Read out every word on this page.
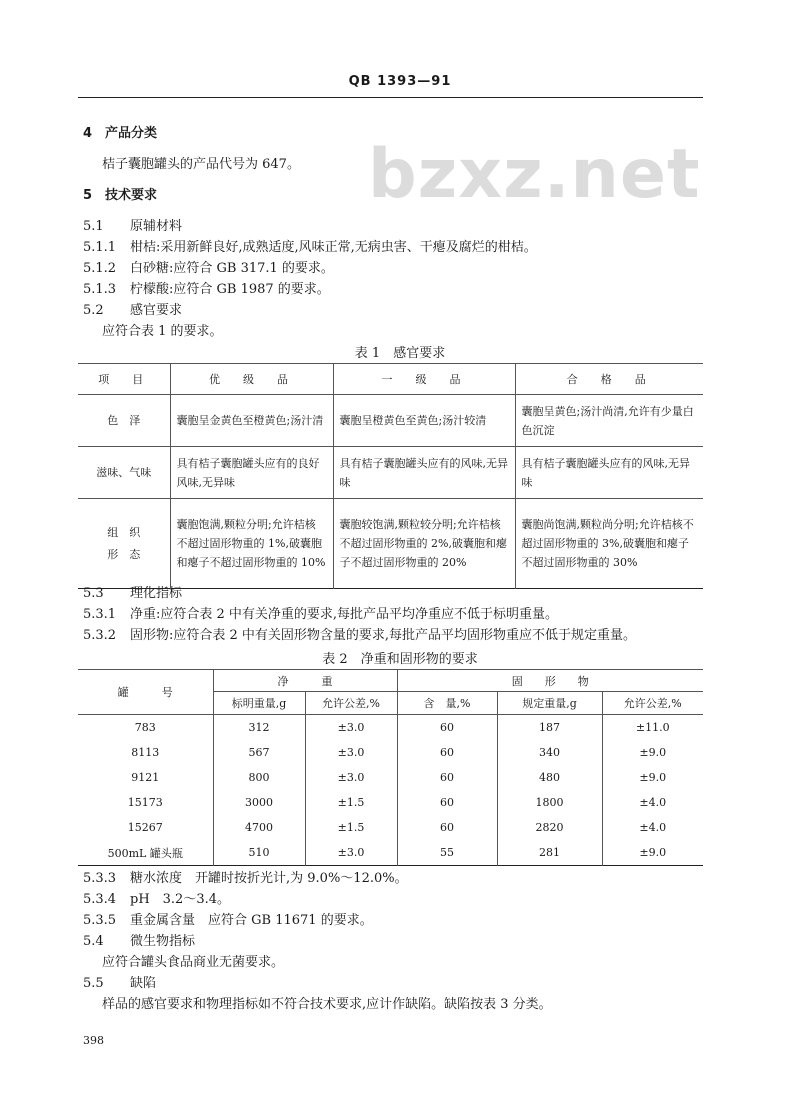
QB 1393—91
bzxz.net
4 产品分类
桔子囊胞罐头的产品代号为 647。
5 技术要求
5.1 原辅材料
5.1.1 柑桔:采用新鲜良好,成熟适度,风味正常,无病虫害、干瘪及腐烂的柑桔。
5.1.2 白砂糖:应符合 GB 317.1 的要求。
5.1.3 柠檬酸:应符合 GB 1987 的要求。
5.2 感官要求
应符合表 1 的要求。
表 1　感官要求
项　目	优　级　品	一　级　品	合　格　品
色　泽	囊胞呈金黄色至橙黄色;汤汁清	囊胞呈橙黄色至黄色;汤汁较清	囊胞呈黄色;汤汁尚清,允许有少量白色沉淀
滋味、气味	具有桔子囊胞罐头应有的良好风味,无异味	具有桔子囊胞罐头应有的风味,无异味	具有桔子囊胞罐头应有的风味,无异味
组　织
形　态	囊胞饱满,颗粒分明;允许桔核不超过固形物重的 1%,破囊胞和瘪子不超过固形物重的 10%	囊胞较饱满,颗粒较分明;允许桔核不超过固形物重的 2%,破囊胞和瘪子不超过固形物重的 20%	囊胞尚饱满,颗粒尚分明;允许桔核不超过固形物重的 3%,破囊胞和瘪子不超过固形物重的 30%
5.3 理化指标
5.3.1 净重:应符合表 2 中有关净重的要求,每批产品平均净重应不低于标明重量。
5.3.2 固形物:应符合表 2 中有关固形物含量的要求,每批产品平均固形物重应不低于规定重量。
表 2　净重和固形物的要求
罐　　　号	净　　　重		固　　形　　物		
	标明重量,g	允许公差,%	含　量,%	规定重量,g	允许公差,%
783	312	±3.0	60	187	±11.0
8113	567	±3.0	60	340	±9.0
9121	800	±3.0	60	480	±9.0
15173	3000	±1.5	60	1800	±4.0
15267	4700	±1.5	60	2820	±4.0
500mL 罐头瓶	510	±3.0	55	281	±9.0
5.3.3 糖水浓度　开罐时按折光计,为 9.0%～12.0%。
5.3.4 pH　3.2～3.4。
5.3.5 重金属含量　应符合 GB 11671 的要求。
5.4 微生物指标
应符合罐头食品商业无菌要求。
5.5 缺陷
样品的感官要求和物理指标如不符合技术要求,应计作缺陷。缺陷按表 3 分类。
398
